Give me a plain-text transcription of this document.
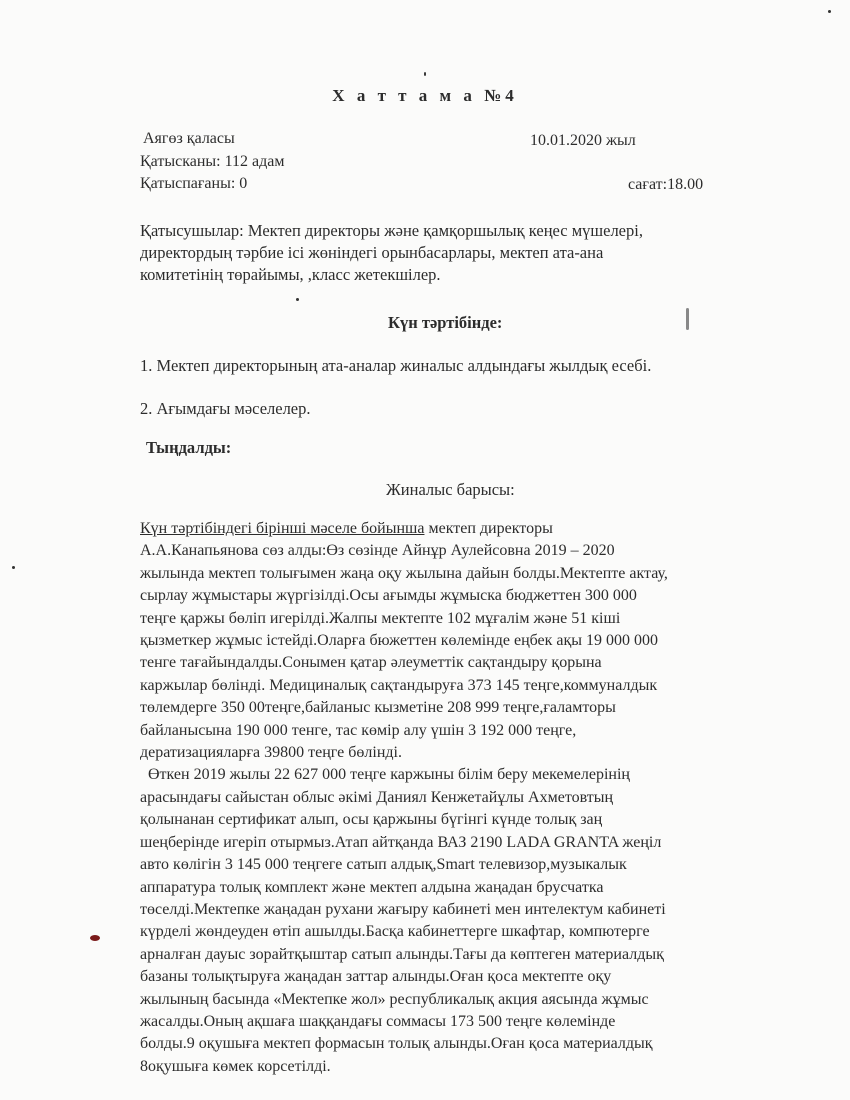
Х а т т а м а №4
Аягөз қаласы	10.01.2020 жыл
Қатысканы: 112 адам
Қатыспағаны: 0	сағат:18.00
Қатысушылар: Мектеп директоры және қамқоршылық кеңес мүшелері,
директордың тәрбие ісі жөніндегі орынбасарлары, мектеп ата-ана
комитетінің төрайымы, ,класс жетекшілер.
Күн тәртібінде:
1. Мектеп директорының ата-аналар жиналыс алдындағы жылдық есебі.
2. Ағымдағы мәселелер.
Тыңдалды:
Жиналыс барысы:
Күн тәртібіндегі бірінші мәселе бойынша мектеп директоры
А.А.Канапьянова сөз алды:Өз сөзінде Айнұр Аулейсовна 2019 – 2020
жылында мектеп толығымен жаңа оқу жылына дайын болды.Мектепте актау,
сырлау жұмыстары жүргізілді.Осы ағымды жұмыска бюджеттен 300 000
теңге қаржы бөліп игерілді.Жалпы мектепте 102 мұғалім және 51 кіші
қызметкер жұмыс істейді.Оларға бюжеттен көлемінде еңбек ақы 19 000 000
тенге тағайындалды.Сонымен қатар әлеуметтік сақтандыру қорына
каржылар бөлінді. Медициналық сақтандыруға 373 145 теңге,коммуналдык
төлемдерге 350 00теңге,байланыс кызметіне 208 999 теңге,ғаламторы
байланысына 190 000 тенге, тас көмір алу үшін 3 192 000 теңге,
дератизацияларға 39800 теңге бөлінді.
Өткен 2019 жылы 22 627 000 теңге каржыны білім беру мекемелерінің
арасындағы сайыстан облыс әкімі Даниял Кенжетайұлы Ахметовтың
қолынанан сертификат алып, осы қаржыны бүгінгі күнде толық заң
шеңберінде игеріп отырмыз.Атап айтқанда ВАЗ 2190 LADA GRANTA жеңіл
авто көлігін 3 145 000 теңгеге сатып алдық,Smart телевизор,музыкалык
аппаратура толық комплект және мектеп алдына жаңадан брусчатка
төселді.Мектепке жаңадан рухани жағыру кабинеті мен интелектум кабинеті
күрделі жөндеуден өтіп ашылды.Басқа кабинеттерге шкафтар, компютерге
арналған дауыс зорайтқыштар сатып алынды.Тағы да көптеген материалдық
базаны толықтыруға жаңадан заттар алынды.Оған қоса мектепте оқу
жылының басында «Мектепке жол» республикалық акция аясында жұмыс
жасалды.Оның ақшаға шаққандағы соммасы 173 500 теңге көлемінде
болды.9 оқушыға мектеп формасын толық алынды.Оған қоса материалдық
8оқушыға көмек корсетілді.
